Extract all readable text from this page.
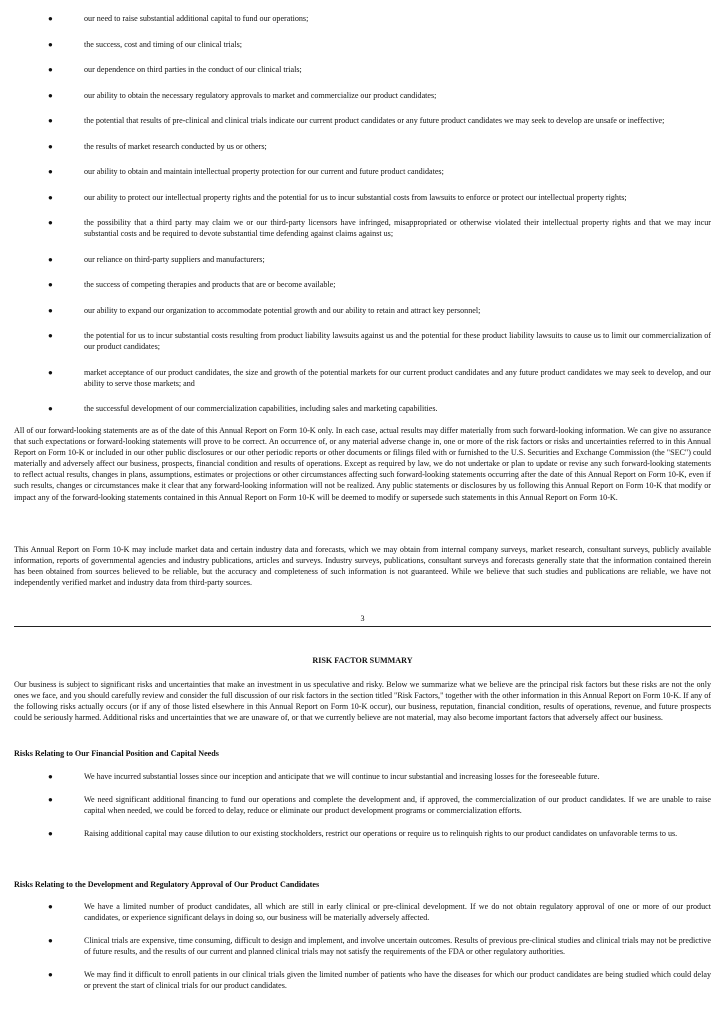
●	our need to raise substantial additional capital to fund our operations;
●	the success, cost and timing of our clinical trials;
●	our dependence on third parties in the conduct of our clinical trials;
●	our ability to obtain the necessary regulatory approvals to market and commercialize our product candidates;
●	the potential that results of pre-clinical and clinical trials indicate our current product candidates or any future product candidates we may seek to develop are unsafe or ineffective;
●	the results of market research conducted by us or others;
●	our ability to obtain and maintain intellectual property protection for our current and future product candidates;
●	our ability to protect our intellectual property rights and the potential for us to incur substantial costs from lawsuits to enforce or protect our intellectual property rights;
●	the possibility that a third party may claim we or our third-party licensors have infringed, misappropriated or otherwise violated their intellectual property rights and that we may incur substantial costs and be required to devote substantial time defending against claims against us;
●	our reliance on third-party suppliers and manufacturers;
●	the success of competing therapies and products that are or become available;
●	our ability to expand our organization to accommodate potential growth and our ability to retain and attract key personnel;
●	the potential for us to incur substantial costs resulting from product liability lawsuits against us and the potential for these product liability lawsuits to cause us to limit our commercialization of our product candidates;
●	market acceptance of our product candidates, the size and growth of the potential markets for our current product candidates and any future product candidates we may seek to develop, and our ability to serve those markets; and
●	the successful development of our commercialization capabilities, including sales and marketing capabilities.

All of our forward-looking statements are as of the date of this Annual Report on Form 10-K only. In each case, actual results may differ materially from such forward-looking information. We can give no assurance that such expectations or forward-looking statements will prove to be correct. An occurrence of, or any material adverse change in, one or more of the risk factors or risks and uncertainties referred to in this Annual Report on Form 10-K or included in our other public disclosures or our other periodic reports or other documents or filings filed with or furnished to the U.S. Securities and Exchange Commission (the "SEC") could materially and adversely affect our business, prospects, financial condition and results of operations. Except as required by law, we do not undertake or plan to update or revise any such forward-looking statements to reflect actual results, changes in plans, assumptions, estimates or projections or other circumstances affecting such forward-looking statements occurring after the date of this Annual Report on Form 10-K, even if such results, changes or circumstances make it clear that any forward-looking information will not be realized. Any public statements or disclosures by us following this Annual Report on Form 10-K that modify or impact any of the forward-looking statements contained in this Annual Report on Form 10-K will be deemed to modify or supersede such statements in this Annual Report on Form 10-K.

This Annual Report on Form 10-K may include market data and certain industry data and forecasts, which we may obtain from internal company surveys, market research, consultant surveys, publicly available information, reports of governmental agencies and industry publications, articles and surveys. Industry surveys, publications, consultant surveys and forecasts generally state that the information contained therein has been obtained from sources believed to be reliable, but the accuracy and completeness of such information is not guaranteed. While we believe that such studies and publications are reliable, we have not independently verified market and industry data from third-party sources.

3
RISK FACTOR SUMMARY

Our business is subject to significant risks and uncertainties that make an investment in us speculative and risky. Below we summarize what we believe are the principal risk factors but these risks are not the only ones we face, and you should carefully review and consider the full discussion of our risk factors in the section titled "Risk Factors," together with the other information in this Annual Report on Form 10-K. If any of the following risks actually occurs (or if any of those listed elsewhere in this Annual Report on Form 10-K occur), our business, reputation, financial condition, results of operations, revenue, and future prospects could be seriously harmed. Additional risks and uncertainties that we are unaware of, or that we currently believe are not material, may also become important factors that adversely affect our business.

Risks Relating to Our Financial Position and Capital Needs
●	We have incurred substantial losses since our inception and anticipate that we will continue to incur substantial and increasing losses for the foreseeable future.
●	We need significant additional financing to fund our operations and complete the development and, if approved, the commercialization of our product candidates. If we are unable to raise capital when needed, we could be forced to delay, reduce or eliminate our product development programs or commercialization efforts.
●	Raising additional capital may cause dilution to our existing stockholders, restrict our operations or require us to relinquish rights to our product candidates on unfavorable terms to us.
Risks Relating to the Development and Regulatory Approval of Our Product Candidates
●	We have a limited number of product candidates, all which are still in early clinical or pre-clinical development. If we do not obtain regulatory approval of one or more of our product candidates, or experience significant delays in doing so, our business will be materially adversely affected.
●	Clinical trials are expensive, time consuming, difficult to design and implement, and involve uncertain outcomes. Results of previous pre-clinical studies and clinical trials may not be predictive of future results, and the results of our current and planned clinical trials may not satisfy the requirements of the FDA or other regulatory authorities.
●	We may find it difficult to enroll patients in our clinical trials given the limited number of patients who have the diseases for which our product candidates are being studied which could delay or prevent the start of clinical trials for our product candidates.
